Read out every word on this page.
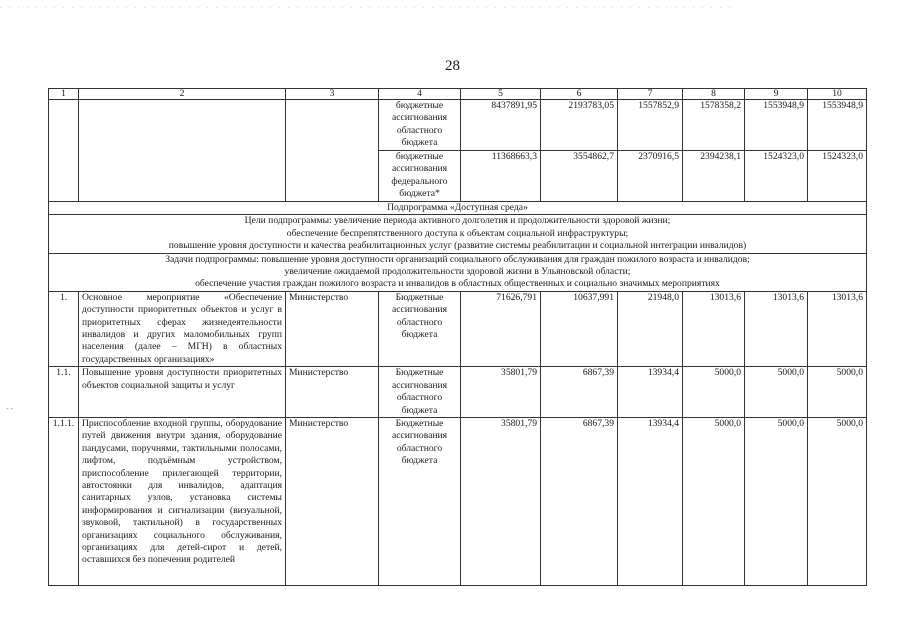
. . . . . . . . . . . . . . . . . . . . . . . . . . . . . . . . . . . . . . . . . . . . . . . . . . . . . . . . . . . . . . . . . . . . . . . . . . . . . . . . . .
- -
28
1	2	3	4	5	6	7	8	9	10
			бюджетные ассигнования областного бюджета	8437891,95	2193783,05	1557852,9	1578358,2	1553948,9	1553948,9
			бюджетные ассигнования федерального бюджета*	11368663,3	3554862,7	2370916,5	2394238,1	1524323,0	1524323,0
Подпрограмма «Доступная среда»									

Цели подпрограммы: увеличение периода активного долголетия и продолжительности здоровой жизни;
обеспечение беспрепятственного доступа к объектам социальной инфраструктуры;
повышение уровня доступности и качества реабилитационных услуг (развитие системы реабилитации и социальной интеграции инвалидов)									

Задачи подпрограммы: повышение уровня доступности организаций социального обслуживания для граждан пожилого возраста и инвалидов;
увеличение ожидаемой продолжительности здоровой жизни в Ульяновской области;
обеспечение участия граждан пожилого возраста и инвалидов в областных общественных и социально значимых мероприятиях									

1.	Основное мероприятие «Обеспечение доступности приоритетных объектов и услуг в приоритетных сферах жизнедеятельности инвалидов и других маломобильных групп населения (далее – МГН) в областных государственных организациях»	Министерство	Бюджетные ассигнования областного бюджета	71626,791	10637,991	21948,0	13013,6	13013,6	13013,6
1.1.	Повышение уровня доступности приоритетных объектов социальной защиты и услуг	Министерство	Бюджетные ассигнования областного бюджета	35801,79	6867,39	13934,4	5000,0	5000,0	5000,0
1.1.1.	Приспособление входной группы, оборудование путей движения внутри здания, оборудование пандусами, поручнями, тактильными полосами, лифтом, подъёмным устройством, приспособление прилегающей территории, автостоянки для инвалидов, адаптация санитарных узлов, установка системы информирования и сигнализации (визуальной, звуковой, тактильной) в государственных организациях социального обслуживания, организациях для детей-сирот и детей, оставшихся без попечения родителей	Министерство	Бюджетные ассигнования областного бюджета	35801,79	6867,39	13934,4	5000,0	5000,0	5000,0
